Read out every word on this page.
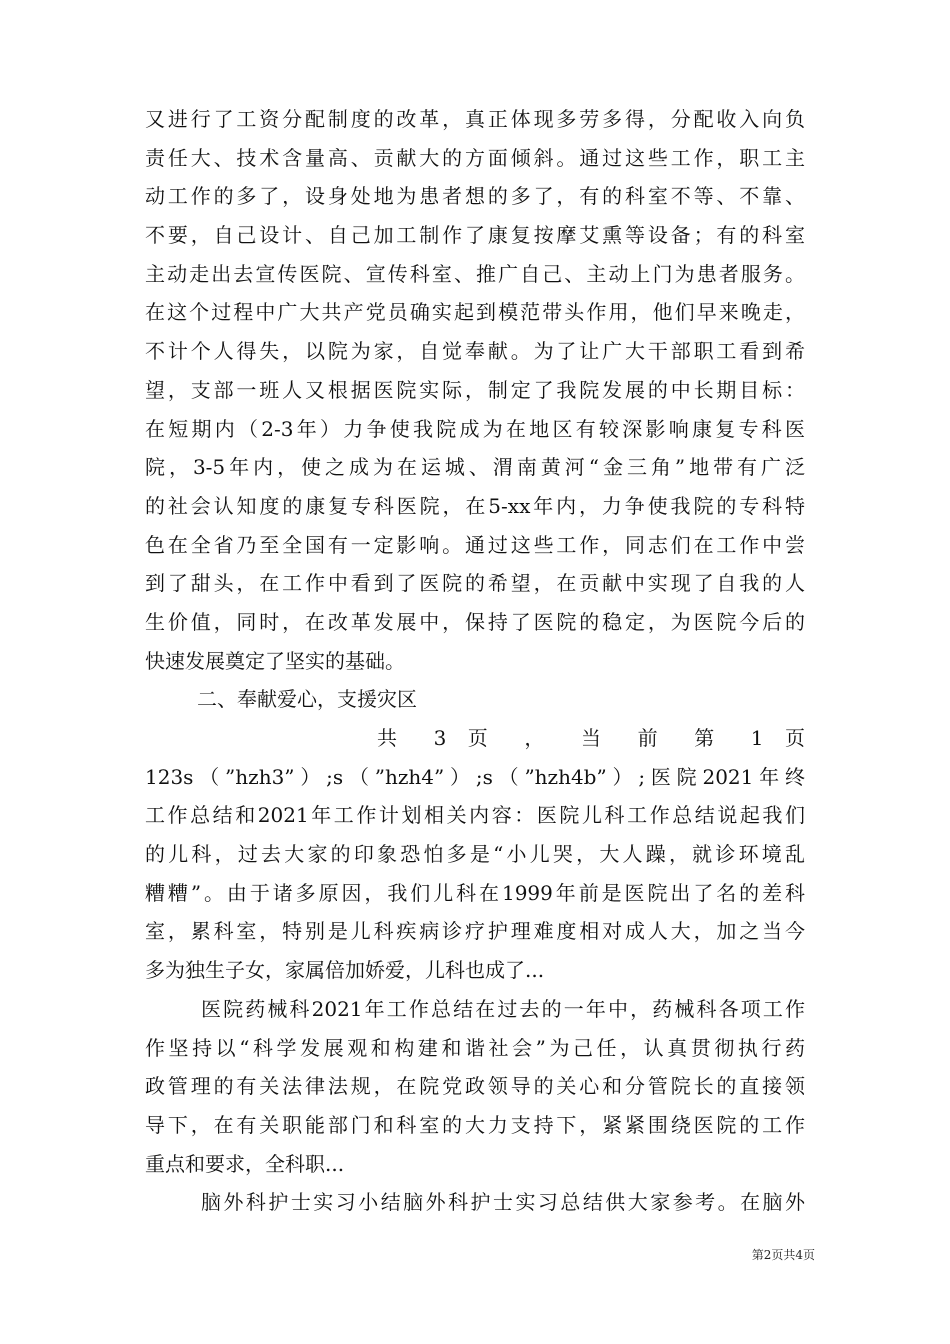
又进行了工资分配制度的改革，真正体现多劳多得，分配收入向负
责任大、技术含量高、贡献大的方面倾斜。通过这些工作，职工主
动工作的多了，设身处地为患者想的多了，有的科室不等、不靠、
不要，自己设计、自己加工制作了康复按摩艾熏等设备；有的科室
主动走出去宣传医院、宣传科室、推广自己、主动上门为患者服务。
在这个过程中广大共产党员确实起到模范带头作用，他们早来晚走，
不计个人得失，以院为家，自觉奉献。为了让广大干部职工看到希
望，支部一班人又根据医院实际，制定了我院发展的中长期目标：
在短期内（2-3年）力争使我院成为在地区有较深影响康复专科医
院，3-5年内，使之成为在运城、渭南黄河“金三角”地带有广泛
的社会认知度的康复专科医院，在5-xx年内，力争使我院的专科特
色在全省乃至全国有一定影响。通过这些工作，同志们在工作中尝
到了甜头，在工作中看到了医院的希望，在贡献中实现了自我的人
生价值，同时，在改革发展中，保持了医院的稳定，为医院今后的
快速发展奠定了坚实的基础。
二、奉献爱心，支援灾区
共 3 页 ， 当 前 第 1 页
123s（”hzh3”）;s（”hzh4”）;s（”hzh4b”）;医院2021年终
工作总结和2021年工作计划相关内容：医院儿科工作总结说起我们
的儿科，过去大家的印象恐怕多是“小儿哭，大人躁，就诊环境乱
糟糟”。由于诸多原因，我们儿科在1999年前是医院出了名的差科
室，累科室，特别是儿科疾病诊疗护理难度相对成人大，加之当今
多为独生子女，家属倍加娇爱，儿科也成了...
医院药械科2021年工作总结在过去的一年中，药械科各项工作
作坚持以“科学发展观和构建和谐社会”为己任，认真贯彻执行药
政管理的有关法律法规，在院党政领导的关心和分管院长的直接领
导下，在有关职能部门和科室的大力支持下，紧紧围绕医院的工作
重点和要求，全科职...
脑外科护士实习小结脑外科护士实习总结供大家参考。在脑外
第2页共4页
